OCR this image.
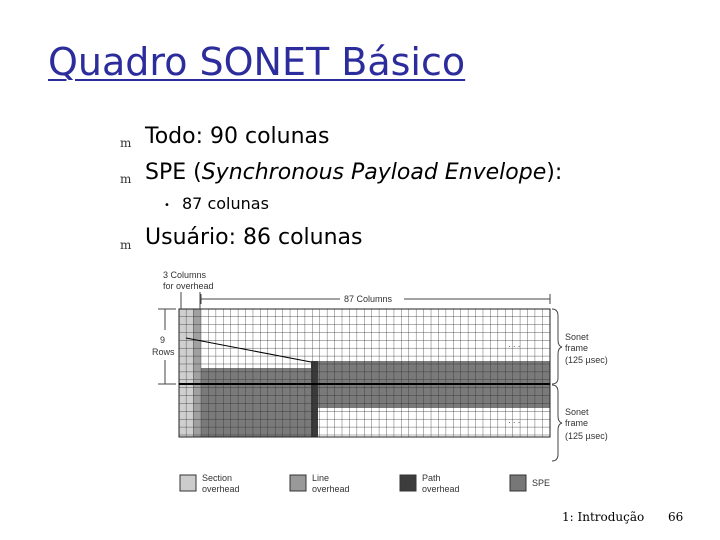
Quadro SONET Básico
m Todo: 90 colunas
m SPE (Synchronous Payload Envelope):
• 87 colunas
m Usuário: 86 colunas
· · ·
· · ·
3 Columns
for overhead
87 Columns
9
Rows
Sonet
frame
(125 µsec)
Sonet
frame
(125 µsec)
Section
overhead
Line
overhead
Path
overhead
SPE
1: Introdução 66
